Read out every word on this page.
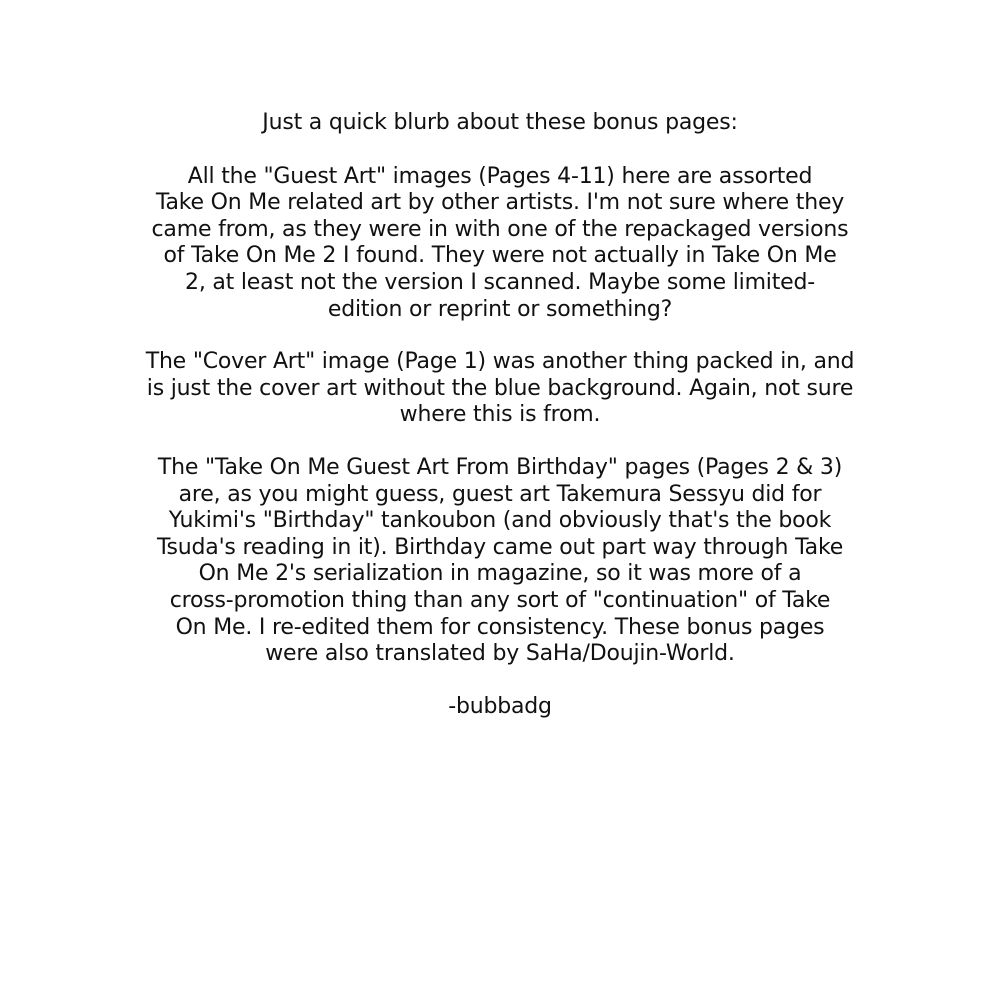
Just a quick blurb about these bonus pages:
All the "Guest Art" images (Pages 4-11) here are assorted
Take On Me related art by other artists. I'm not sure where they
came from, as they were in with one of the repackaged versions
of Take On Me 2 I found. They were not actually in Take On Me
2, at least not the version I scanned. Maybe some limited-
edition or reprint or something?
The "Cover Art" image (Page 1) was another thing packed in, and
is just the cover art without the blue background. Again, not sure
where this is from.
The "Take On Me Guest Art From Birthday" pages (Pages 2 & 3)
are, as you might guess, guest art Takemura Sessyu did for
Yukimi's "Birthday" tankoubon (and obviously that's the book
Tsuda's reading in it). Birthday came out part way through Take
On Me 2's serialization in magazine, so it was more of a
cross-promotion thing than any sort of "continuation" of Take
On Me. I re-edited them for consistency. These bonus pages
were also translated by SaHa/Doujin-World.
-bubbadg
